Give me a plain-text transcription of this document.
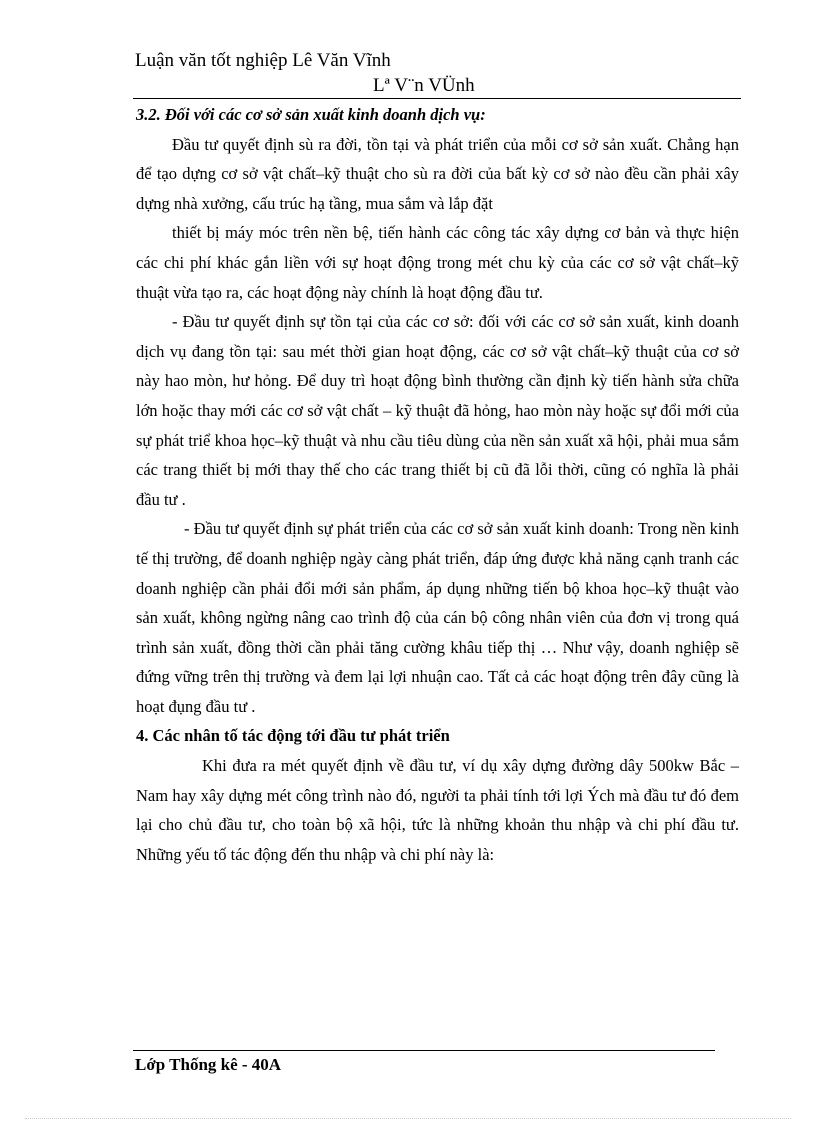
Luận văn tốt nghiệp Lê Văn Vĩnh
Lª V¨n VÜnh

3.2. Đối với các cơ sở sản xuất kinh doanh dịch vụ:

Đầu tư quyết định sù ra đời, tồn tại và phát triển của mỗi cơ sở sản xuất. Chẳng hạn để tạo dựng cơ sở vật chất–kỹ thuật cho sù ra đời của bất kỳ cơ sở nào đều cần phải xây dựng nhà xưởng, cấu trúc hạ tầng, mua sắm và lắp đặt

thiết bị máy móc trên nền bệ, tiến hành các công tác xây dựng cơ bản và thực hiện các chi phí khác gắn liền với sự hoạt động trong mét chu kỳ của các cơ sở vật chất–kỹ thuật vừa tạo ra, các hoạt động này chính là hoạt động đầu tư.

- Đầu tư quyết định sự tồn tại của các cơ sở: đối với các cơ sở sản xuất, kinh doanh dịch vụ đang tồn tại: sau mét thời gian hoạt động, các cơ sở vật chất–kỹ thuật của cơ sở này hao mòn, hư hỏng. Để duy trì hoạt động bình thường cần định kỳ tiến hành sửa chữa lớn hoặc thay mới các cơ sở vật chất – kỹ thuật đã hỏng, hao mòn này hoặc sự đổi mới của sự phát triể khoa học–kỹ thuật và nhu cầu tiêu dùng của nền sản xuất xã hội, phải mua sắm các trang thiết bị mới thay thế cho các trang thiết bị cũ đã lỗi thời, cũng có nghĩa là phải đầu tư .

- Đầu tư quyết định sự phát triển của các cơ sở sản xuất kinh doanh: Trong nền kinh tế thị trường, để doanh nghiệp ngày càng phát triển, đáp ứng được khả năng cạnh tranh các doanh nghiệp cần phải đổi mới sản phẩm, áp dụng những tiến bộ khoa học–kỹ thuật vào sản xuất, không ngừng nâng cao trình độ của cán bộ công nhân viên của đơn vị trong quá trình sản xuất, đồng thời cần phải tăng cường khâu tiếp thị … Như vậy, doanh nghiệp sẽ đứng vững trên thị trường và đem lại lợi nhuận cao. Tất cả các hoạt động trên đây cũng là hoạt đụng đầu tư .

4. Các nhân tố tác động tới đầu tư phát triển

Khi đưa ra mét quyết định về đầu tư, ví dụ xây dựng đường dây 500kw Bắc – Nam hay xây dựng mét công trình nào đó, người ta phải tính tới lợi Ých mà đầu tư đó đem lại cho chủ đầu tư, cho toàn bộ xã hội, tức là những khoản thu nhập và chi phí đầu tư. Những yếu tố tác động đến thu nhập và chi phí này là:

Lớp Thống kê - 40A
